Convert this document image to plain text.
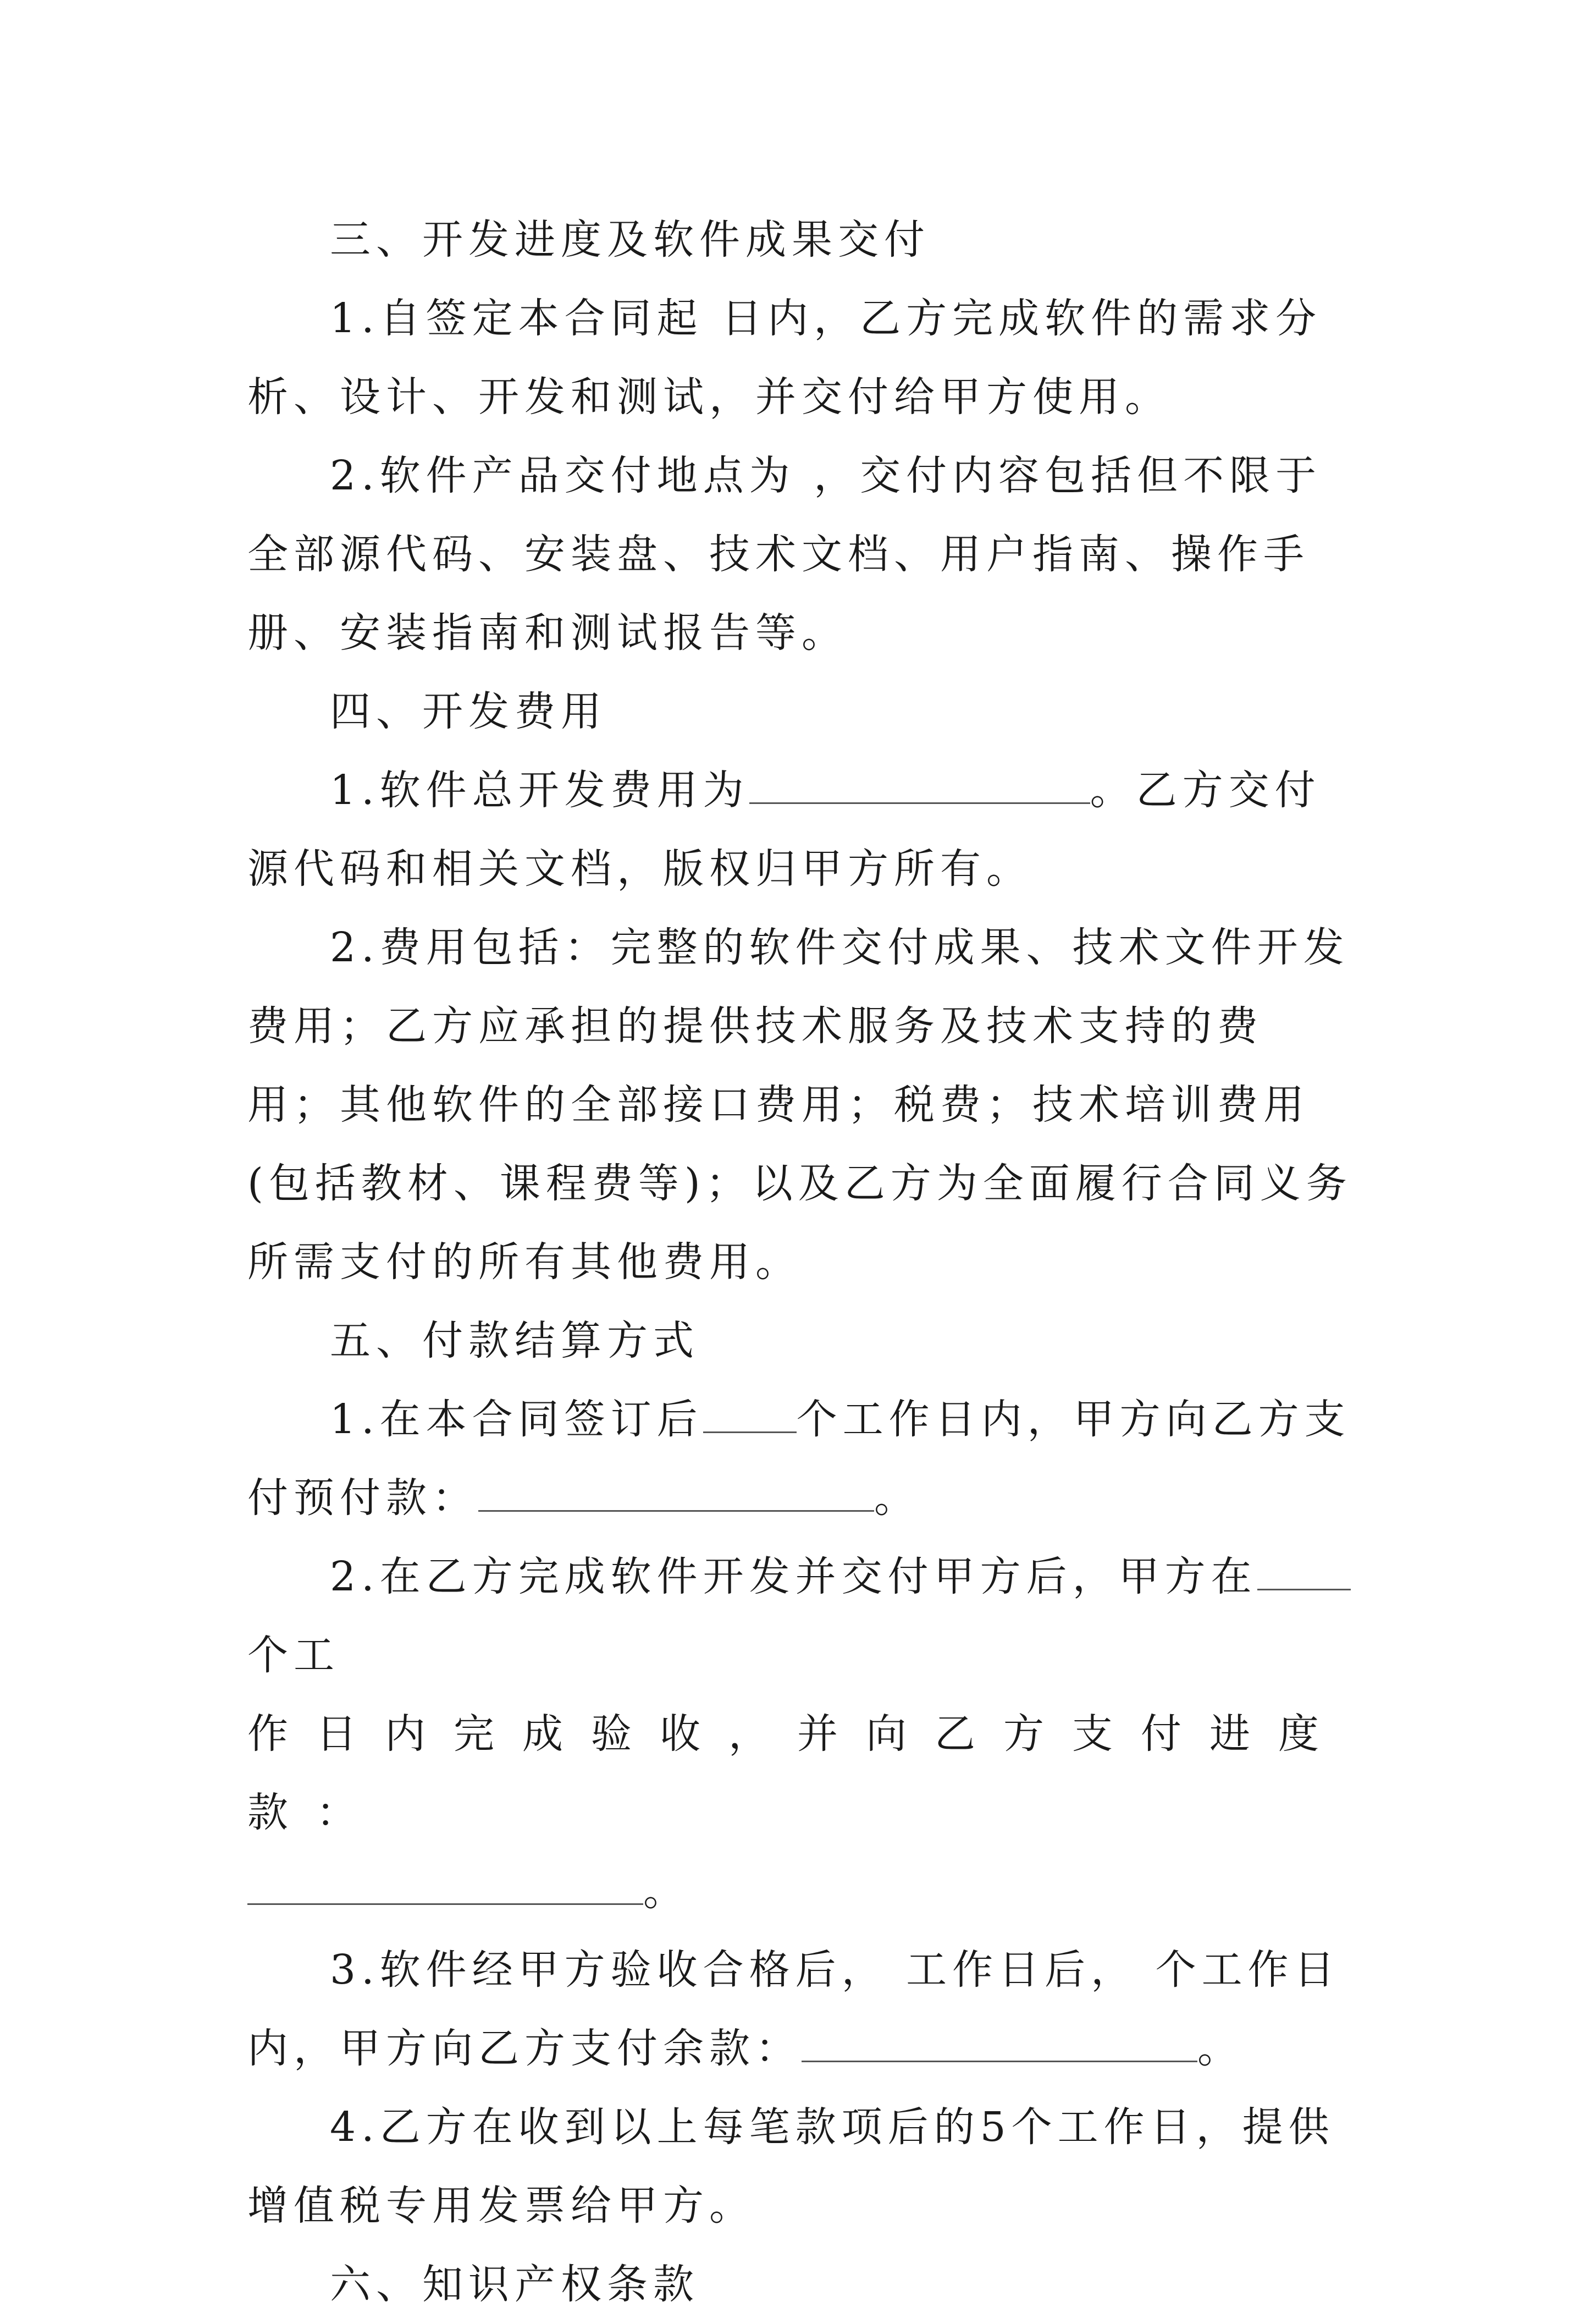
三、开发进度及软件成果交付

1.自签定本合同起 日内，乙方完成软件的需求分析、设计、开发和测试，并交付给甲方使用。

2.软件产品交付地点为 ，交付内容包括但不限于全部源代码、安装盘、技术文档、用户指南、操作手册、安装指南和测试报告等。

四、开发费用

1.软件总开发费用为	。乙方交付源代码和相关文档，版权归甲方所有。

2.费用包括：完整的软件交付成果、技术文件开发费用；乙方应承担的提供技术服务及技术支持的费用；其他软件的全部接口费用；税费；技术培训费用(包括教材、课程费等)；以及乙方为全面履行合同义务所需支付的所有其他费用。

五、付款结算方式

1.在本合同签订后 个工作日内，甲方向乙方支付预付款：	。

2.在乙方完成软件开发并交付甲方后，甲方在个工

作日内完成验收，并向乙方支付进度款：

。

3.软件经甲方验收合格后， 工作日后， 个工作日内，甲方向乙方支付余款：	。

4.乙方在收到以上每笔款项后的5个工作日，提供增值税专用发票给甲方。

六、知识产权条款
